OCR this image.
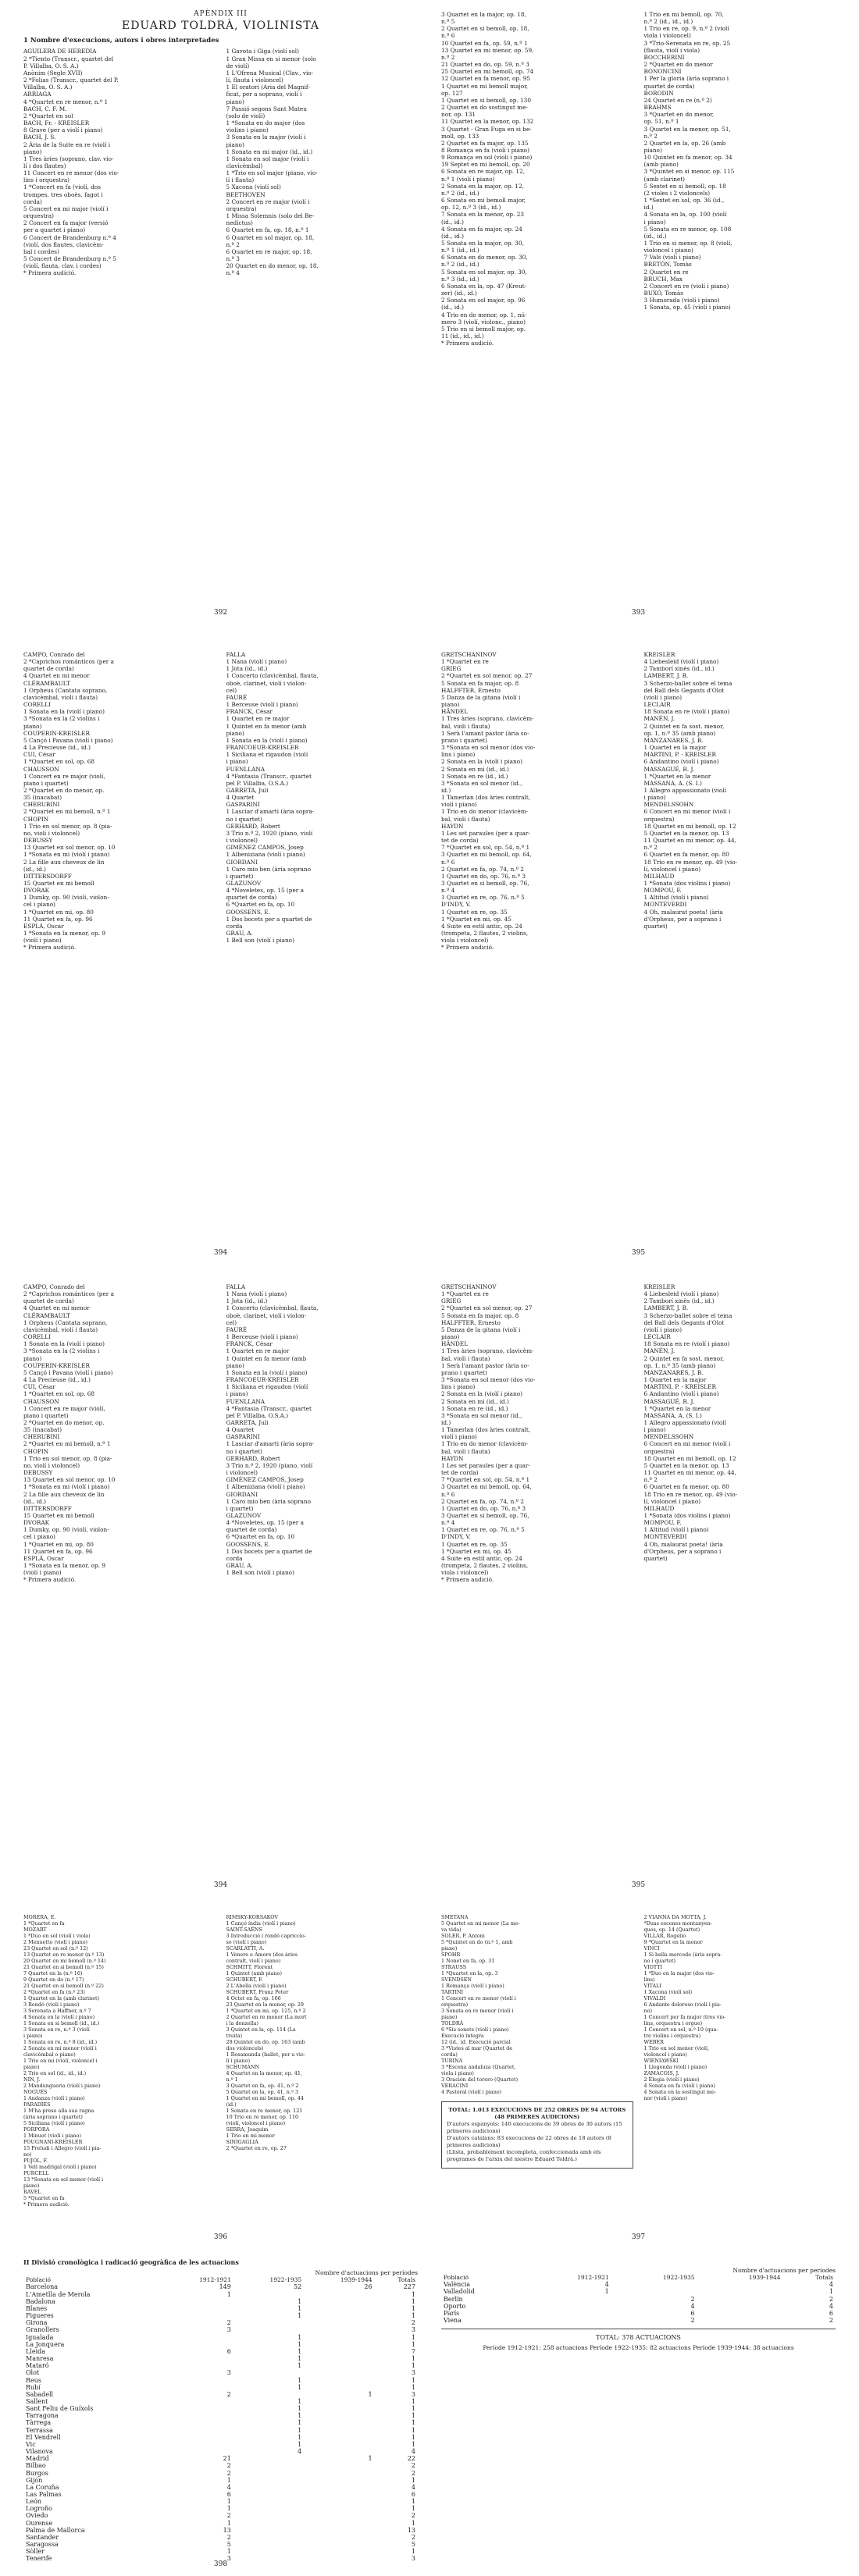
APÈNDIX III
EDUARD TOLDRÀ, VIOLINISTA
1 Nombre d'execucions, autors i obres interpretades

AGUILERA DE HEREDIA

2 *Tiento (Transcr., quartet del

P. Villalba, O. S. A.)

Anònim (Segle XVII)

2 *Folias (Transcr., quartet del P.

Villalba, O. S. A.)

ARRIAGA

4 *Quartet en re menor, n.º 1

BACH, C. F. M.

2 *Quartet en sol

BACH, Fr. - KREISLER

8 Grave (per a violí i piano)

BACH, J. S.

2 Ària de la Suite en re (violí i

piano)

1 Tres àries (soprano, clav. vio-

lí i dos flautes)

11 Concert en re menor (dos vio-

lins i orquestra)

1 *Concert en fa (violí, dos

trompes, tres oboès, fagot i

corda)

5 Concert en mi major (violí i

orquestra)

2 Concert en fa major (versió

per a quartet i piano)

6 Concert de Brandenburg n.º 4

(violí, dos flautes, clavicèm-

bal i cordes)

5 Concert de Brandenburg n.º 5

(violí, flauta, clav. i cordes)

* Primera audició.

1 Gavota i Giga (violí sol)

1 Gran Missa en si menor (solo

de violí)

1 L'Ofrena Musical (Clav., vio-

lí, flauta i violoncel)

1 El oratori (Aria del Magnif-

ficat, per a soprano, violí i

piano)

7 Passió segons Sant Mateu

(solo de violí)

1 *Sonata en do major (dos

violins i piano)

3 Sonata en la major (violí i

piano)

1 Sonata en mi major (id., id.)

1 Sonata en sol major (violí i

clavicèmbal)

1 *Trio en sol major (piano, vio-

lí i flauta)

5 Xacona (violí sol)

BEETHOVEN

2 Concert en re major (violí i

orquestra)

1 Missa Solemnis (solo del Be-

nedictus)

6 Quartet en fa, op. 18, n.º 1

6 Quartet en sol major, op. 18,

n.º 2

6 Quartet en re major, op. 18,

n.º 3

20 Quartet en do menor, op. 18,

n.º 4

392

3 Quartet en la major, op. 18,

n.º 5

2 Quartet en si bemoll, op. 18,

n.º 6

10 Quartet en fa, op. 59, n.º 1

13 Quartet en mi menor, op. 59,

n.º 2

21 Quartet en do, op. 59, n.º 3

25 Quartet en mi bemoll, op. 74

12 Quartet en fa menor, op. 95

1 Quartet en mi bemoll major,

op. 127

1 Quartet en si bemoll, op. 130

2 Quartet en do sostingut me-

nor, op. 131

11 Quartet en la menor, op. 132

3 Quartet - Gran Fuga en si be-

moll, op. 133

2 Quartet en fa major, op. 135

8 Romança en fa (violí i piano)

9 Romança en sol (violí i piano)

19 Septet en mi bemoll, op. 20

6 Sonata en re major, op. 12,

n.º 1 (violí i piano)

2 Sonata en la major, op. 12,

n.º 2 (id., id.)

6 Sonata en mi bemoll major,

op. 12, n.º 3 (id., id.)

7 Sonata en la menor, op. 23

(id., id.)

4 Sonata en fa major, op. 24

(id., id.)

5 Sonata en la major, op. 30,

n.º 1 (id., id.)

6 Sonata en do menor, op. 30,

n.º 2 (id., id.)

5 Sonata en sol major, op. 30,

n.º 3 (id., id.)

6 Sonata en la, op. 47 (Kreut-

zer) (id., id.)

2 Sonata en sol major, op. 96

(id., id.)

4 Trio en do menor, op. 1, nú-

mero 3 (violí, violonc., piano)

5 Trio en si bemoll major, op.

11 (id., id., id.)

* Primera audició.

1 Trio en mi bemoll, op. 70,

n.º 2 (id., id., id.)

1 Trio en re, op. 9, n.º 2 (violí

viola i violoncel)

3 *Trio-Serenata en re, op. 25

(flauta, violí i viola)

BOCCHERINI

2 *Quartet en do menor

BONONCINI

1 Per la gloria (ària soprano i

quartet de corda)

BORODIN

24 Quartet en re (n.º 2)

BRAHMS

3 *Quartet en do menor,

op. 51, n.º 1

3 Quartet en la menor, op. 51,

n.º 2

2 Quartet en la, op. 26 (amb

piano)

10 Quintet en fa menor, op. 34

(amb piano)

3 *Quintet en si menor, op. 115

(amb clarinet)

5 Sextet en si bemoll, op. 18

(2 violes i 2 violoncels)

1 *Sextet en sol, op. 36 (id.,

id.)

4 Sonata en la, op. 100 (violí

i piano)

5 Sonata en re menor, op. 108

(id., id.)

1 Trio en si menor, op. 8 (violí,

violoncel i piano)

7 Vals (violí i piano)

BRETÓN, Tomàs

2 Quartet en re

BRUCH, Max

2 Concert en re (violí i piano)

BUXÓ, Tomàs

3 Humorada (violí i piano)

1 Sonata, op. 45 (violí i piano)

393

CAMPO, Conrado del

2 *Caprichos románticos (per a

quartet de corda)

4 Quartet en mi menor

CLÉRAMBAULT

1 Orpheus (Cantata soprano,

clavicèmbal, violí i flauta)

CORELLI

1 Sonata en la (violí i piano)

3 *Sonata en la (2 violins i

piano)

COUPERIN-KREISLER

5 Cançó i Pavana (violí i piano)

4 La Precieuse (id., id.)

CUI, César

1 *Quartet en sol, op. 68

CHAUSSON

1 Concert en re major (violí,

piano i quartet)

2 *Quartet en do menor, op.

35 (inacabat)

CHERUBINI

2 *Quartet en mi bemoll, n.º 1

CHOPIN

1 Trio en sol menor, op. 8 (pia-

no, violí i violoncel)

DEBUSSY

13 Quartet en sol menor, op. 10

1 *Sonata en mi (violí i piano)

2 La fille aux cheveux de lin

(id., id.)

DITTERSDORFF

15 Quartet en mi bemoll

DVORAK

1 Dumky, op. 90 (violí, violon-

cel i piano)

1 *Quartet en mi, op. 80

11 Quartet en fa, op. 96

ESPLÁ, Oscar

1 *Sonata en la menor, op. 9

(violí i piano)

* Primera audició.

FALLA

1 Nana (violí i piano)

1 Jota (id., id.)

1 Concerto (clavicèmbal, flauta,

oboè, clarinet, violí i violon-

cel)

FAURÉ

1 Berceuse (violí i piano)

FRANCK, César

1 Quartet en re major

1 Quintet en fa menor (amb

piano)

1 Sonata en la (violí i piano)

FRANCOEUR-KREISLER

1 Siciliana et rigaudon (violí

i piano)

FUENLLANA

4 *Fantasia (Transcr., quartet

pel P. Villalba, O.S.A.)

GARRETA, Juli

4 Quartet

GASPARINI

1 Lasciar d'amarti (ària sopra-

no i quartet)

GERHARD, Robert

3 Trio n.º 2, 1920 (piano, violí

i violoncel)

GIMÉNEZ CAMPOS, Josep

1 Albeniziana (violí i piano)

GIORDANI

1 Caro mio ben (ària soprano

i quartet)

GLAZUNOV

4 *Noveletes, op. 15 (per a

quartet de corda)

6 *Quartet en fa, op. 10

GOOSSENS, E.

1 Dos bocets per a quartet de

corda

GRAU, A.

1 Bell son (violí i piano)

394

GRETSCHANINOV

1 *Quartet en re

GRIEG

2 *Quartet en sol menor, op. 27

5 Sonata en fa major, op. 8

HALFFTER, Ernesto

5 Danza de la gitana (violí i

piano)

HÄNDEL

1 Tres àries (soprano, clavicèm-

bal, violí i flauta)

1 Serà l'amant pastor (ària so-

prano i quartet)

3 *Sonata en sol menor (dos vio-

lins i piano)

2 Sonata en la (violí i piano)

2 Sonata en mi (id., id.)

1 Sonata en re (id., id.)

3 *Sonata en sol menor (id.,

id.)

1 Tamerlan (dos àries contralt,

violí i piano)

1 Trio en do menor (clavicèm-

bal, violí i flauta)

HAYDN

1 Les set paraules (per a quar-

tet de corda)

7 *Quartet en sol, op. 54, n.º 1

3 Quartet en mi bemoll, op. 64,

n.º 6

2 Quartet en fa, op. 74, n.º 2

1 Quartet en do, op. 76, n.º 3

3 Quartet en si bemoll, op. 76,

n.º 4

1 Quartet en re, op. 76, n.º 5

D'INDY, V.

1 Quartet en re, op. 35

1 *Quartet en mi, op. 45

4 Suite en estil antic, op. 24

(trompeta, 2 flautes, 2 violins,

viola i violoncel)

* Primera audició.

KREISLER

4 Liebesleid (violí i piano)

2 Tamborí xinès (id., id.)

LAMBERT, J. B.

3 Scherzo-ballet sobre el tema

del Ball dels Gegants d'Olot

(violí i piano)

LECLAIR

18 Sonata en re (violí i piano)

MANÉN, J.

2 Quintet en fa sost. menor,

op. 1, n.º 35 (amb piano)

MANZANARES, J. B.

1 Quartet en la major

MARTINI, P. - KREISLER

6 Andantino (violí i piano)

MASSAGUÉ, R. J.

1 *Quartet en la menor

MASSANA, A. (S. I.)

1 Allegro appassionato (violí

i piano)

MENDELSSOHN

6 Concert en mi menor (violí i

orquestra)

18 Quartet en mi bemoll, op. 12

5 Quartet en la menor, op. 13

11 Quartet en mi menor, op. 44,

n.º 2

6 Quartet en fa menor, op. 80

18 Trio en re menor, op. 49 (vio-

lí, violoncel i piano)

MILHAUD

1 *Sonata (dos violins i piano)

MOMPOU, F.

1 Altitud (violí i piano)

MONTEVERDI

4 Oh, malaurat poeta! (ària

d'Orpheus, per a soprano i

quartet)

395

CAMPO, Conrado del

2 *Caprichos románticos (per a

quartet de corda)

4 Quartet en mi menor

CLÉRAMBAULT

1 Orpheus (Cantata soprano,

clavicèmbal, violí i flauta)

CORELLI

1 Sonata en la (violí i piano)

3 *Sonata en la (2 violins i

piano)

COUPERIN-KREISLER

5 Cançó i Pavana (violí i piano)

4 La Precieuse (id., id.)

CUI, César

1 *Quartet en sol, op. 68

CHAUSSON

1 Concert en re major (violí,

piano i quartet)

2 *Quartet en do menor, op.

35 (inacabat)

CHERUBINI

2 *Quartet en mi bemoll, n.º 1

CHOPIN

1 Trio en sol menor, op. 8 (pia-

no, violí i violoncel)

DEBUSSY

13 Quartet en sol menor, op. 10

1 *Sonata en mi (violí i piano)

2 La fille aux cheveux de lin

(id., id.)

DITTERSDORFF

15 Quartet en mi bemoll

DVORAK

1 Dumky, op. 90 (violí, violon-

cel i piano)

1 *Quartet en mi, op. 80

11 Quartet en fa, op. 96

ESPLÁ, Oscar

1 *Sonata en la menor, op. 9

(violí i piano)

* Primera audició.

FALLA

1 Nana (violí i piano)

1 Jota (id., id.)

1 Concerto (clavicèmbal, flauta,

oboè, clarinet, violí i violon-

cel)

FAURÉ

1 Berceuse (violí i piano)

FRANCK, César

1 Quartet en re major

1 Quintet en fa menor (amb

piano)

1 Sonata en la (violí i piano)

FRANCOEUR-KREISLER

1 Siciliana et rigaudon (violí

i piano)

FUENLLANA

4 *Fantasia (Transcr., quartet

pel P. Villalba, O.S.A.)

GARRETA, Juli

4 Quartet

GASPARINI

1 Lasciar d'amarti (ària sopra-

no i quartet)

GERHARD, Robert

3 Trio n.º 2, 1920 (piano, violí

i violoncel)

GIMÉNEZ CAMPOS, Josep

1 Albeniziana (violí i piano)

GIORDANI

1 Caro mio ben (ària soprano

i quartet)

GLAZUNOV

4 *Noveletes, op. 15 (per a

quartet de corda)

6 *Quartet en fa, op. 10

GOOSSENS, E.

1 Dos bocets per a quartet de

corda

GRAU, A.

1 Bell son (violí i piano)

394

GRETSCHANINOV

1 *Quartet en re

GRIEG

2 *Quartet en sol menor, op. 27

5 Sonata en fa major, op. 8

HALFFTER, Ernesto

5 Danza de la gitana (violí i

piano)

HÄNDEL

1 Tres àries (soprano, clavicèm-

bal, violí i flauta)

1 Serà l'amant pastor (ària so-

prano i quartet)

3 *Sonata en sol menor (dos vio-

lins i piano)

2 Sonata en la (violí i piano)

2 Sonata en mi (id., id.)

1 Sonata en re (id., id.)

3 *Sonata en sol menor (id.,

id.)

1 Tamerlan (dos àries contralt,

violí i piano)

1 Trio en do menor (clavicèm-

bal, violí i flauta)

HAYDN

1 Les set paraules (per a quar-

tet de corda)

7 *Quartet en sol, op. 54, n.º 1

3 Quartet en mi bemoll, op. 64,

n.º 6

2 Quartet en fa, op. 74, n.º 2

1 Quartet en do, op. 76, n.º 3

3 Quartet en si bemoll, op. 76,

n.º 4

1 Quartet en re, op. 76, n.º 5

D'INDY, V.

1 Quartet en re, op. 35

1 *Quartet en mi, op. 45

4 Suite en estil antic, op. 24

(trompeta, 2 flautes, 2 violins,

viola i violoncel)

* Primera audició.

KREISLER

4 Liebesleid (violí i piano)

2 Tamborí xinès (id., id.)

LAMBERT, J. B.

3 Scherzo-ballet sobre el tema

del Ball dels Gegants d'Olot

(violí i piano)

LECLAIR

18 Sonata en re (violí i piano)

MANÉN, J.

2 Quintet en fa sost. menor,

op. 1, n.º 35 (amb piano)

MANZANARES, J. B.

1 Quartet en la major

MARTINI, P. - KREISLER

6 Andantino (violí i piano)

MASSAGUÉ, R. J.

1 *Quartet en la menor

MASSANA, A. (S. I.)

1 Allegro appassionato (violí

i piano)

MENDELSSOHN

6 Concert en mi menor (violí i

orquestra)

18 Quartet en mi bemoll, op. 12

5 Quartet en la menor, op. 13

11 Quartet en mi menor, op. 44,

n.º 2

6 Quartet en fa menor, op. 80

18 Trio en re menor, op. 49 (vio-

lí, violoncel i piano)

MILHAUD

1 *Sonata (dos violins i piano)

MOMPOU, F.

1 Altitud (violí i piano)

MONTEVERDI

4 Oh, malaurat poeta! (ària

d'Orpheus, per a soprano i

quartet)

395

MORERA, E.

1 *Quartet en fa

MOZART

1 *Duo en sol (violí i viola)

2 Menuetto (violí i piano)

23 Quartet en sol (n.º 12)

13 Quartet en re menor (n.º 13)

20 Quartet en mi bemoll (n.º 14)

21 Quartet en si bemoll (n.º 15)

7 Quartet en la (n.º 16)

9 Quartet en do (n.º 17)

21 Quartet en si bemoll (n.º 22)

2 *Quartet en fa (n.º 23)

1 Quartet en la (amb clarinet)

3 Rondó (violí i piano)

3 Serenata a Haffner, n.º 7

4 Sonata en la (violí i piano)

1 Sonata en si bemoll (id., id.)

3 Sonata en re, n.º 3 (violí

i piano)

1 Sonata en re, n.º 8 (id., id.)

2 Sonata en mi menor (violí i

clavicèmbal o piano)

1 Trio en mi (violí, violoncel i

piano)

2 Trio en sol (id., id., id.)

NIN, J.

2 Mandungueria (violí i piano)

NOGUÉS

1 Andanza (violí i piano)

PARADIES

1 M'ha preso alla sua ragna

(ària soprano i quartet)

5 Siciliana (violí i piano)

PORPORA

1 Minuet (violí i piano)

POUGNANI-KREISLER

15 Preludi i Allegro (violí i pia-

no)

PUJOL, F.

1 Vell madrigal (violí i piano)

PURCELL

13 *Sonata en sol menor (violí i

piano)

RAVEL

5 *Quartet en fa

* Primera audició.

RIMSKY-KORSAKOV

1 Cançó índia (violí i piano)

SAINT-SAËNS

3 Introducció i rondó capriccio-

so (violí i piano)

SCARLATTI, A.

1 Venere e Amore (dos àries

contralt, violí i piano)

SCHMITT, Florent

1 Quintet (amb piano)

SCHUBERT, F.

2 L'Abella (violí i piano)

SCHUBERT, Franz Peter

4 Octet en fa, op. 166

23 Quartet en la menor, op. 29

1 *Quartet en mi, op. 125, n.º 2

2 Quartet en re menor (La mort

i la donzella)

3 Quintet en la, op. 114 (La

truita)

28 Quintet en do, op. 163 (amb

dos violoncels)

1 Rosamunda (ballet, per a vio-

lí i piano)

SCHUMANN

4 Quartet en la menor, op. 41,

n.º 1

3 Quartet en fa, op. 41, n.º 2

5 Quartet en la, op. 41, n.º 3

1 Quartet en mi bemoll, op. 44

(id.)

1 Sonata en re menor, op. 121

10 Trio en re menor, op. 110

(violí, violoncel i piano)

SERRA, Joaquim

1 Trio en mi menor

SINIGAGLIA

2 *Quartet en re, op. 27

396

SMETANA

5 Quartet en mi menor (La me-

va vida)

SOLER, P. Antoni

5 *Quintet en do (n.º 1, amb

piano)

SPOHR

1 Nonet en fa, op. 31

STRAUSS

1 *Quartet en la, op. 3

SVENDSEN

1 Romança (violí i piano)

TARTINI

1 Concert en re menor (violí i

orquestra)

3 Sonata en re menor (violí i

piano)

TOLDRÀ

6 *Sis sonets (violí i piano)

Execució íntegra

12 (id., id. Execució parcial

3 *Vistes al mar (Quartet de

corda)

TURINA

3 *Escena andaluza (Quartet,

viola i piano)

3 Oración del torero (Quartet)

VERACINI

4 Pastoral (violí i piano)

TOTAL: 1.013 EXECUCIONS DE 252 OBRES DE 94 AUTORS (48 PRIMERES AUDICIONS)
D'autors espanyols: 140 execucions de 39 obres de 30 autors (15 primeres audicions)
D'autors catalans: 83 execucions de 22 obres de 18 autors (8 primeres audicions)
(Llista, probablement incompleta, confeccionada amb els programes de l'arxiu del mestre Eduard Toldrà.)

2 VIANNA DA MOTTA, J.

*Duas escenes montanyen-

ques, op. 14 (Quartet)

VILLAR, Rogelio

9 *Quartet en la menor

VINCI

1 Si bella mercede (ària sopra-

no i quartet)

VIOTTI

1 *Duo en la major (dos vio-

lins)

VITALI

1 Xacona (violí sol)

VIVALDI

6 Andante doloroso (violí i pia-

no)

1 Concert per fa major (tres vio-

lins, orquestra i orgue)

1 Concert en sol, n.º 10 (qua-

tre violins i orquestra)

WEBER

1 Trio en sol menor (violí,

violoncel i piano)

WIENIAWSKI

1 Llegenda (violí i piano)

ZAMACOIS, J.

2 Elegia (violí i piano)

4 Sonata en fa (violí i piano)

4 Sonata en la sostingut me-

nor (violí i piano)

397
II Divisió cronològica i radicació geogràfica de les actuacions
Nombre d'actuacions per períodes
Població	1912-1921	1922-1935	1939-1944	Totals
Barcelona	149	52	26	227
L'Ametlla de Merola	1			1
Badalona		1		1
Blanes		1		1
Figueres		1		1
Girona	2			2
Granollers	3			3
Igualada		1		1
La Jonquera		1		1
Lleida	6	1		7
Manresa		1		1
Mataró		1		1
Olot	3			3
Reus		1		1
Rubí		1		1
Sabadell	2		1	3
Sallent		1		1
Sant Feliu de Guíxols		1		1
Tarragona		1		1
Tàrrega		1		1
Terrassa		1		1
El Vendrell		1		1
Vic		1		1
Vilanova		4		4
Madrid	21		1	22
Bilbao	2			2
Burgos	2			2
Gijón	1			1
La Coruña	4			4
Las Palmas	6			6
León	1			1
Logroño	1			1
Oviedo	2			2
Ourense	1			1
Palma de Mallorca	13			13
Santander	2			2
Saragossa	5			5
Sòller	1			1
Tenerife	3			3
398
Nombre d'actuacions per períodes
Població	1912-1921	1922-1935	1939-1944	Totals
València	4			4
Valladolid	1			1
Berlín		2		2
Oporto		4		4
París		6		6
Viena		2		2
TOTAL: 378 ACTUACIONS
Període 1912-1921: 258 actuacions Període 1922-1935: 82 actuacions Període 1939-1944: 38 actuacions
